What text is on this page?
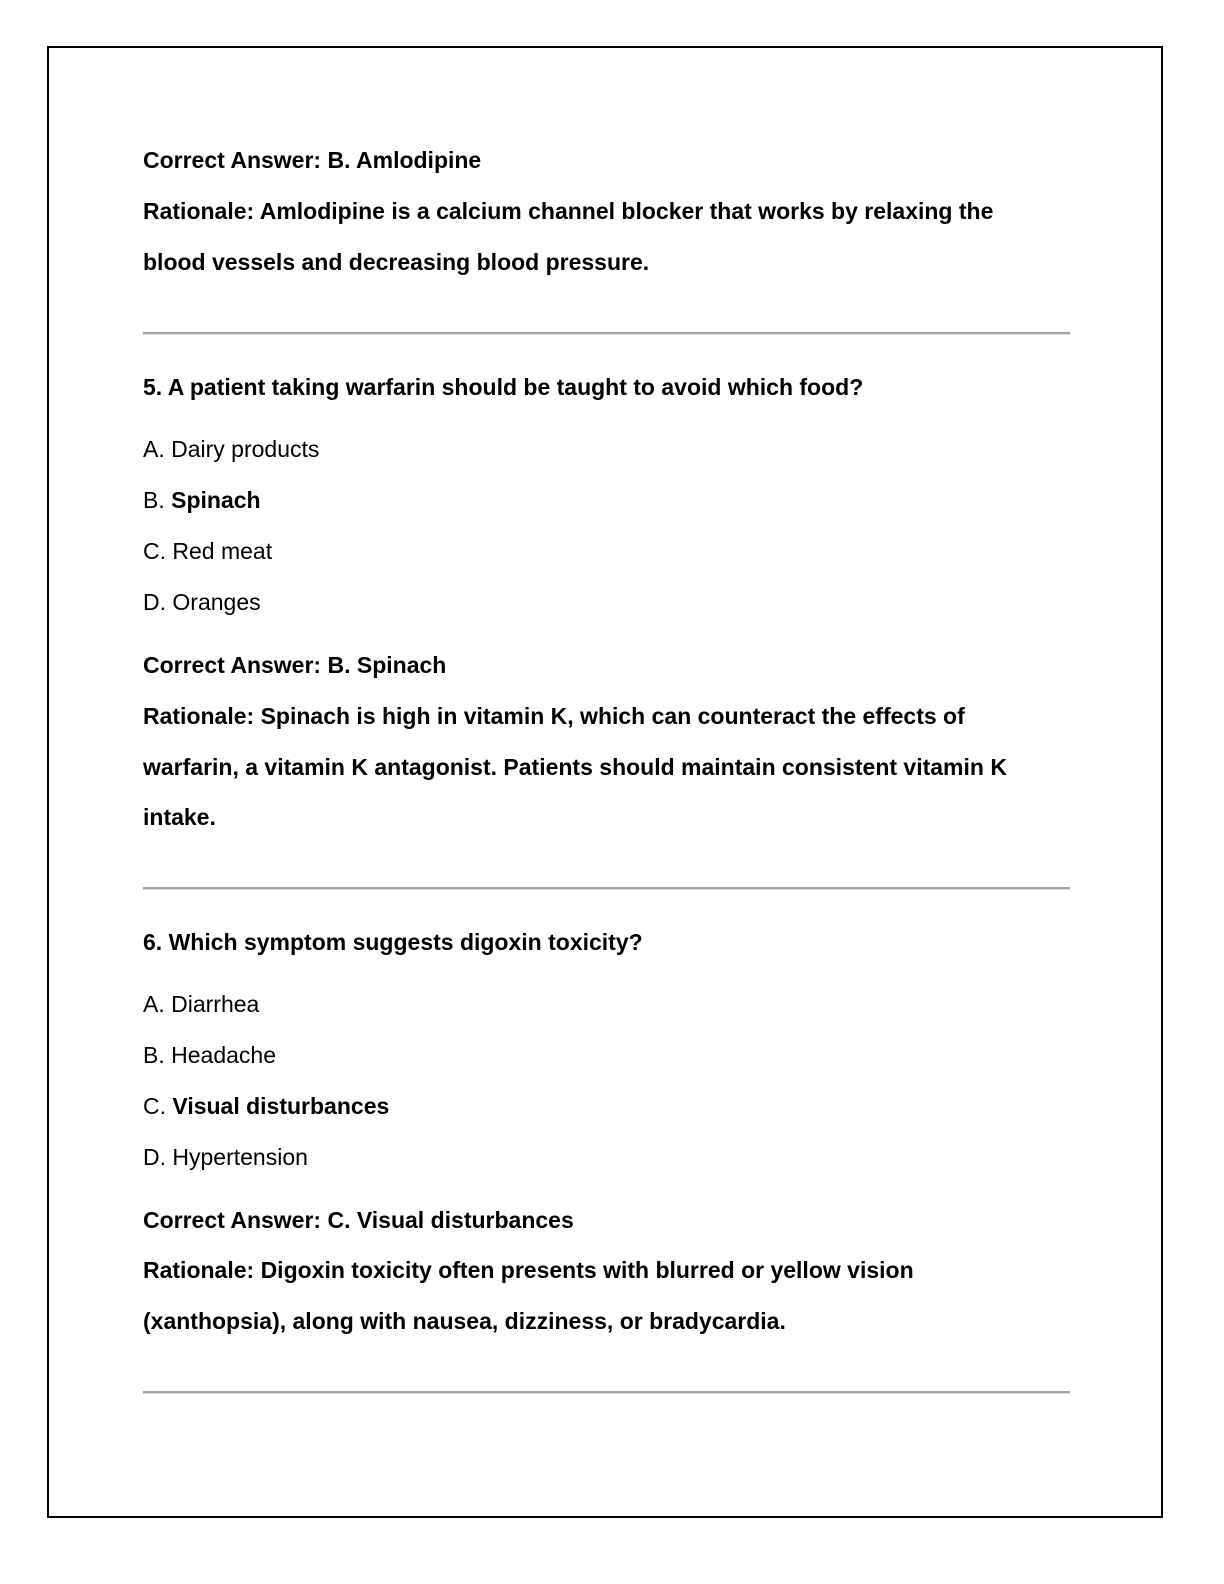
Correct Answer: B. Amlodipine
Rationale: Amlodipine is a calcium channel blocker that works by relaxing the
blood vessels and decreasing blood pressure.
5. A patient taking warfarin should be taught to avoid which food?
A. Dairy products
B. Spinach
C. Red meat
D. Oranges
Correct Answer: B. Spinach
Rationale: Spinach is high in vitamin K, which can counteract the effects of
warfarin, a vitamin K antagonist. Patients should maintain consistent vitamin K
intake.
6. Which symptom suggests digoxin toxicity?
A. Diarrhea
B. Headache
C. Visual disturbances
D. Hypertension
Correct Answer: C. Visual disturbances
Rationale: Digoxin toxicity often presents with blurred or yellow vision
(xanthopsia), along with nausea, dizziness, or bradycardia.
